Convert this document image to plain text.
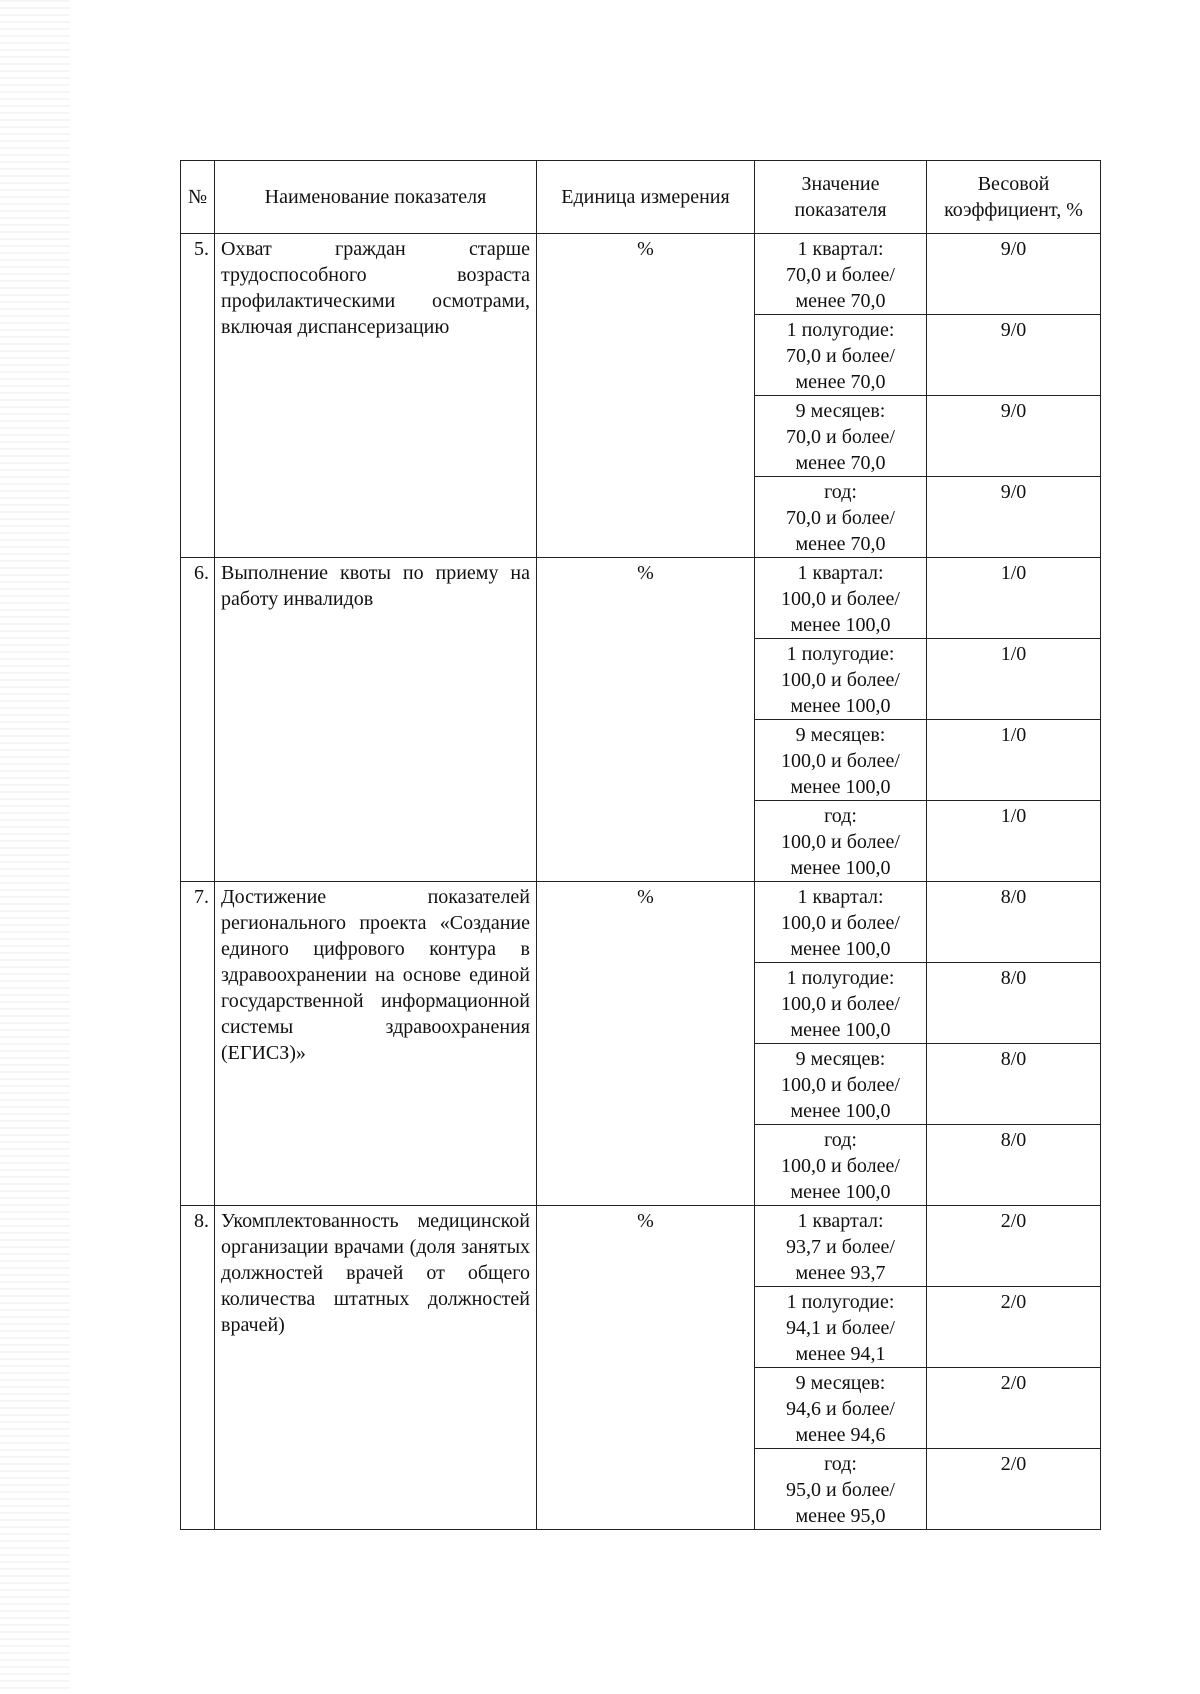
№	Наименование показателя	Единица измерения	Значение показателя	Весовой коэффициент, %
5.	Охват граждан старше трудоспособного возраста профилактическими осмотрами, включая диспансеризацию	%	1 квартал:
70,0 и более/
менее 70,0	9/0

			1 полугодие:
70,0 и более/
менее 70,0	9/0

			9 месяцев:
70,0 и более/
менее 70,0	9/0

			год:
70,0 и более/
менее 70,0	9/0
6.	Выполнение квоты по приему на работу инвалидов	%	1 квартал:
100,0 и более/
менее 100,0	1/0

			1 полугодие:
100,0 и более/
менее 100,0	1/0

			9 месяцев:
100,0 и более/
менее 100,0	1/0

			год:
100,0 и более/
менее 100,0	1/0
7.	Достижение показателей регионального проекта «Создание единого цифрового контура в здравоохранении на основе единой государственной информационной системы здравоохранения (ЕГИСЗ)»	%	1 квартал:
100,0 и более/
менее 100,0	8/0

			1 полугодие:
100,0 и более/
менее 100,0	8/0

			9 месяцев:
100,0 и более/
менее 100,0	8/0

			год:
100,0 и более/
менее 100,0	8/0
8.	Укомплектованность медицинской организации врачами (доля занятых должностей врачей от общего количества штатных должностей врачей)	%	1 квартал:
93,7 и более/
менее 93,7	2/0

			1 полугодие:
94,1 и более/
менее 94,1	2/0

			9 месяцев:
94,6 и более/
менее 94,6	2/0

			год:
95,0 и более/
менее 95,0	2/0
